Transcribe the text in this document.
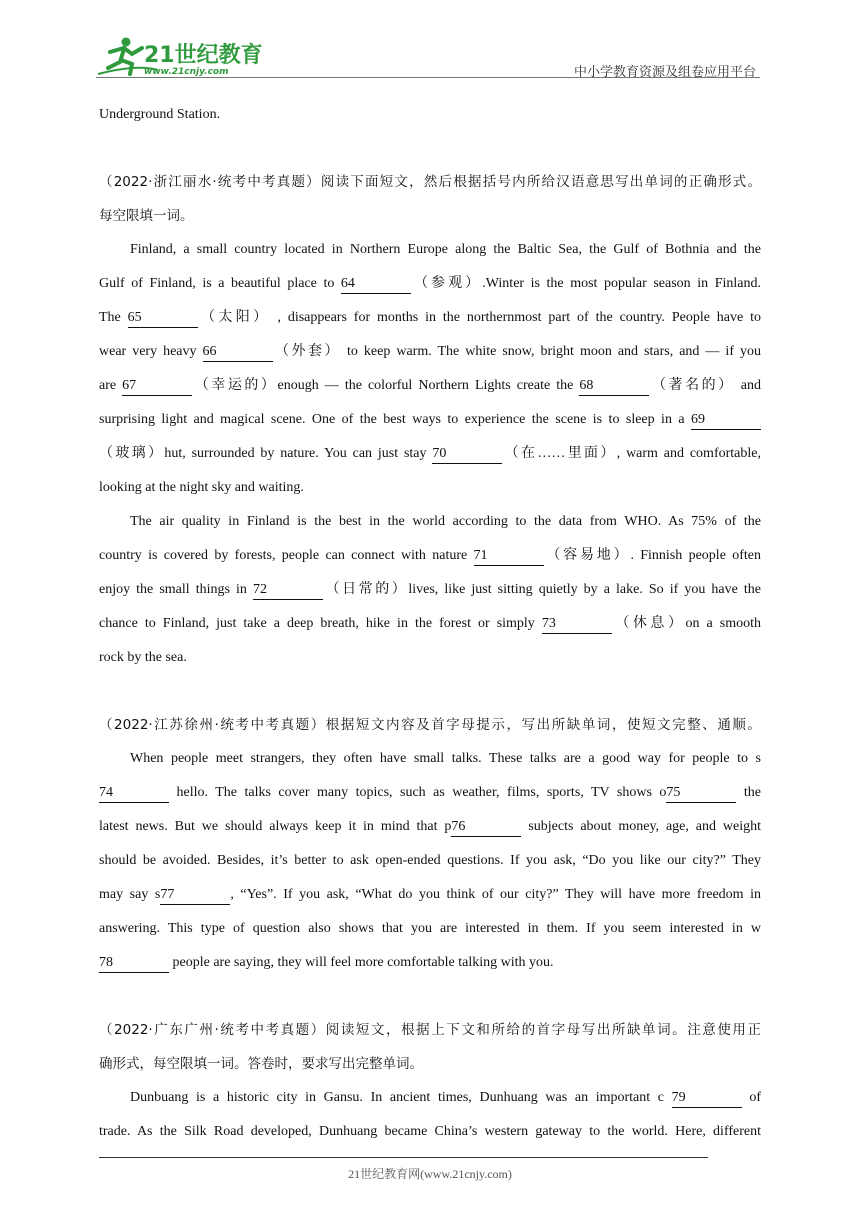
21世纪教育
www.21cnjy.com	中小学教育资源及组卷应用平台
Underground Station.
（2022·浙江丽水·统考中考真题）阅读下面短文，然后根据括号内所给汉语意思写出单词的正确形式。
每空限填一词。
Finland, a small country located in Northern Europe along the Baltic Sea, the Gulf of Bothnia and the
Gulf of Finland, is a beautiful place to 64	（参观）.Winter is the most popular season in Finland.
The 65	（太阳） , disappears for months in the northernmost part of the country. People have to
wear very heavy 66	（外套） to keep warm. The white snow, bright moon and stars, and — if you
are 67	（幸运的）enough — the colorful Northern Lights create the 68	（著名的） and
surprising light and magical scene. One of the best ways to experience the scene is to sleep in a 69
（玻璃）hut, surrounded by nature. You can just stay 70	（在……里面）, warm and comfortable,
looking at the night sky and waiting.
The air quality in Finland is the best in the world according to the data from WHO. As 75% of the
country is covered by forests, people can connect with nature 71	（容易地）. Finnish people often
enjoy the small things in 72	（日常的）lives, like just sitting quietly by a lake. So if you have the
chance to Finland, just take a deep breath, hike in the forest or simply 73	（休息）on a smooth
rock by the sea.
（2022·江苏徐州·统考中考真题）根据短文内容及首字母提示，写出所缺单词，使短文完整、通顺。
When people meet strangers, they often have small talks. These talks are a good way for people to s
74	hello. The talks cover many topics, such as weather, films, sports, TV shows o75	the
latest news. But we should always keep it in mind that p76	subjects about money, age, and weight
should be avoided. Besides, it’s better to ask open-ended questions. If you ask, “Do you like our city?” They
may say s77	, “Yes”. If you ask, “What do you think of our city?” They will have more freedom in
answering. This type of question also shows that you are interested in them. If you seem interested in w
78	people are saying, they will feel more comfortable talking with you.
（2022·广东广州·统考中考真题）阅读短文，根据上下文和所给的首字母写出所缺单词。注意使用正
确形式，每空限填一词。答卷时，要求写出完整单词。
Dunbuang is a historic city in Gansu. In ancient times, Dunhuang was an important c 79	of
trade. As the Silk Road developed, Dunhuang became China’s western gateway to the world. Here, different
21世纪教育网(www.21cnjy.com)
